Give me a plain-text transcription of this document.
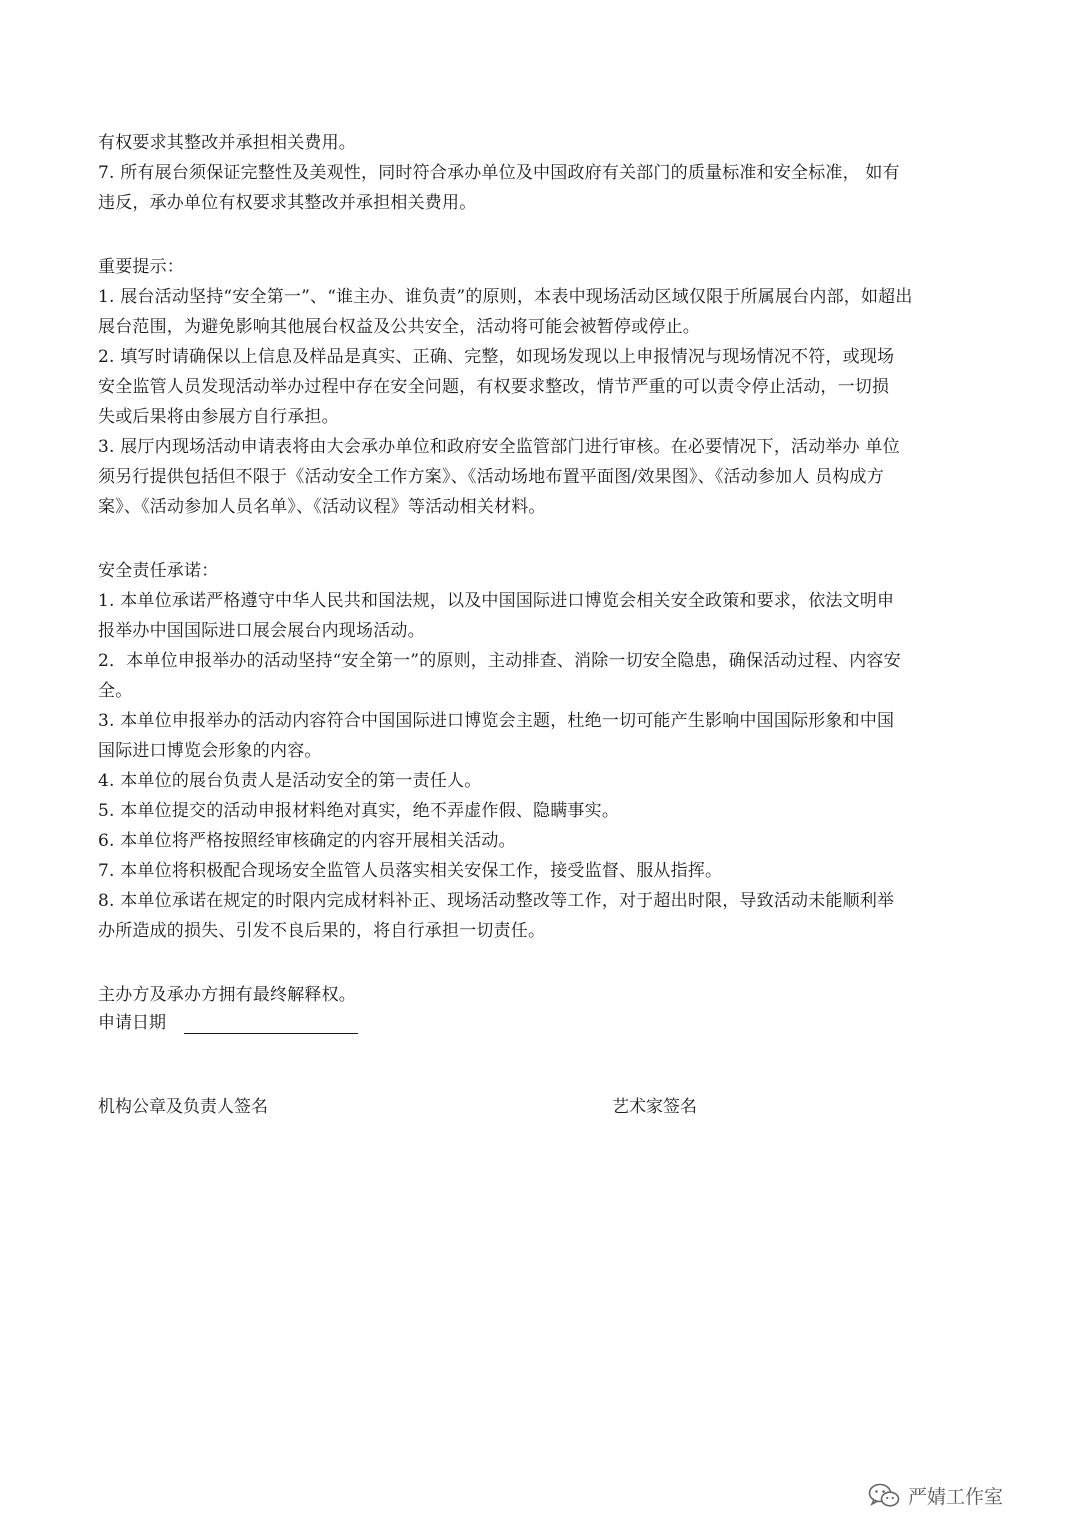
有权要求其整改并承担相关费用。
7. 所有展台须保证完整性及美观性，同时符合承办单位及中国政府有关部门的质量标准和安全标准， 如有
违反，承办单位有权要求其整改并承担相关费用。
重要提示：
1. 展台活动坚持“安全第一”、“谁主办、谁负责”的原则，本表中现场活动区域仅限于所属展台内部，如超出
展台范围，为避免影响其他展台权益及公共安全，活动将可能会被暂停或停止。
2. 填写时请确保以上信息及样品是真实、正确、完整，如现场发现以上申报情况与现场情况不符，或现场
安全监管人员发现活动举办过程中存在安全问题，有权要求整改，情节严重的可以责令停止活动，一切损
失或后果将由参展方自行承担。
3. 展厅内现场活动申请表将由大会承办单位和政府安全监管部门进行审核。在必要情况下，活动举办 单位
须另行提供包括但不限于《活动安全工作方案》、《活动场地布置平面图/效果图》、《活动参加人 员构成方
案》、《活动参加人员名单》、《活动议程》等活动相关材料。
安全责任承诺：
1. 本单位承诺严格遵守中华人民共和国法规，以及中国国际进口博览会相关安全政策和要求，依法文明申
报举办中国国际进口展会展台内现场活动。
2．本单位申报举办的活动坚持“安全第一”的原则，主动排查、消除一切安全隐患，确保活动过程、内容安
全。
3. 本单位申报举办的活动内容符合中国国际进口博览会主题，杜绝一切可能产生影响中国国际形象和中国
国际进口博览会形象的内容。
4. 本单位的展台负责人是活动安全的第一责任人。
5. 本单位提交的活动申报材料绝对真实，绝不弄虚作假、隐瞒事实。
6. 本单位将严格按照经审核确定的内容开展相关活动。
7. 本单位将积极配合现场安全监管人员落实相关安保工作，接受监督、服从指挥。
8. 本单位承诺在规定的时限内完成材料补正、现场活动整改等工作，对于超出时限，导致活动未能顺利举
办所造成的损失、引发不良后果的，将自行承担一切责任。
主办方及承办方拥有最终解释权。
申请日期
机构公章及负责人签名	艺术家签名
严婧工作室
